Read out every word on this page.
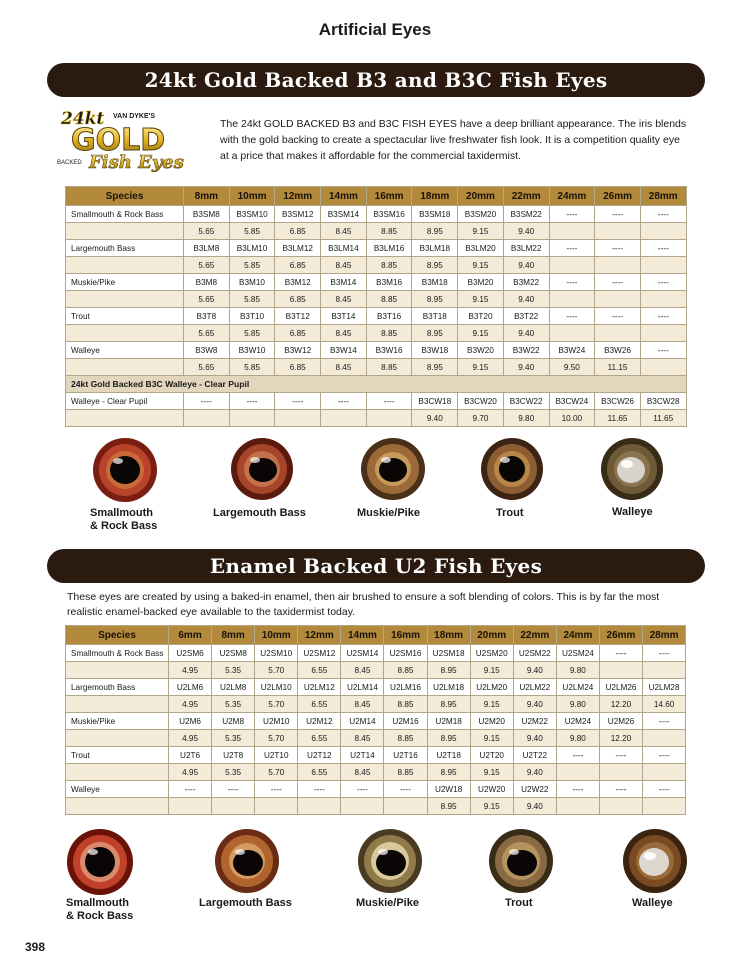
Artificial Eyes
24kt Gold Backed B3 and B3C Fish Eyes
24kt VAN DYKE'S
GOLD
BACKED Fish Eyes
The 24kt GOLD BACKED B3 and B3C FISH EYES have a deep brilliant appearance. The iris blends with the gold backing to create a spectacular live freshwater fish look. It is a competition quality eye at a price that makes it affordable for the commercial taxidermist.
Species	8mm	10mm	12mm	14mm	16mm	18mm	20mm	22mm	24mm	26mm	28mm
Smallmouth & Rock Bass	B3SM8	B3SM10	B3SM12	B3SM14	B3SM16	B3SM18	B3SM20	B3SM22	----	----	----
	5.65	5.85	6.85	8.45	8.85	8.95	9.15	9.40			
Largemouth Bass	B3LM8	B3LM10	B3LM12	B3LM14	B3LM16	B3LM18	B3LM20	B3LM22	----	----	----
	5.65	5.85	6.85	8.45	8.85	8.95	9.15	9.40			
Muskie/Pike	B3M8	B3M10	B3M12	B3M14	B3M16	B3M18	B3M20	B3M22	----	----	----
	5.65	5.85	6.85	8.45	8.85	8.95	9.15	9.40			
Trout	B3T8	B3T10	B3T12	B3T14	B3T16	B3T18	B3T20	B3T22	----	----	----
	5.65	5.85	6.85	8.45	8.85	8.95	9.15	9.40			
Walleye	B3W8	B3W10	B3W12	B3W14	B3W16	B3W18	B3W20	B3W22	B3W24	B3W26	----
	5.65	5.85	6.85	8.45	8.85	8.95	9.15	9.40	9.50	11.15	
24kt Gold Backed B3C Walleye - Clear Pupil											
Walleye - Clear Pupil	----	----	----	----	----	B3CW18	B3CW20	B3CW22	B3CW24	B3CW26	B3CW28
						9.40	9.70	9.80	10.00	11.65	11.65
Smallmouth
& Rock Bass
Largemouth Bass	Muskie/Pike	Trout	Walleye
Enamel Backed U2 Fish Eyes
These eyes are created by using a baked-in enamel, then air brushed to ensure a soft blending of colors. This is by far the most realistic enamel-backed eye available to the taxidermist today.
Species	6mm	8mm	10mm	12mm	14mm	16mm	18mm	20mm	22mm	24mm	26mm	28mm
Smallmouth & Rock Bass	U2SM6	U2SM8	U2SM10	U2SM12	U2SM14	U2SM16	U2SM18	U2SM20	U2SM22	U2SM24	----	----
	4.95	5.35	5.70	6.55	8.45	8.85	8.95	9.15	9.40	9.80		
Largemouth Bass	U2LM6	U2LM8	U2LM10	U2LM12	U2LM14	U2LM16	U2LM18	U2LM20	U2LM22	U2LM24	U2LM26	U2LM28
	4.95	5.35	5.70	6.55	8.45	8.85	8.95	9.15	9.40	9.80	12.20	14.60
Muskie/Pike	U2M6	U2M8	U2M10	U2M12	U2M14	U2M16	U2M18	U2M20	U2M22	U2M24	U2M26	----
	4.95	5.35	5.70	6.55	8.45	8.85	8.95	9.15	9.40	9.80	12.20	
Trout	U2T6	U2T8	U2T10	U2T12	U2T14	U2T16	U2T18	U2T20	U2T22	----	----	----
	4.95	5.35	5.70	6.55	8.45	8.85	8.95	9.15	9.40			
Walleye	----	----	----	----	----	----	U2W18	U2W20	U2W22	----	----	----
							8.95	9.15	9.40			
Smallmouth
& Rock Bass
Largemouth Bass	Muskie/Pike	Trout	Walleye
398
